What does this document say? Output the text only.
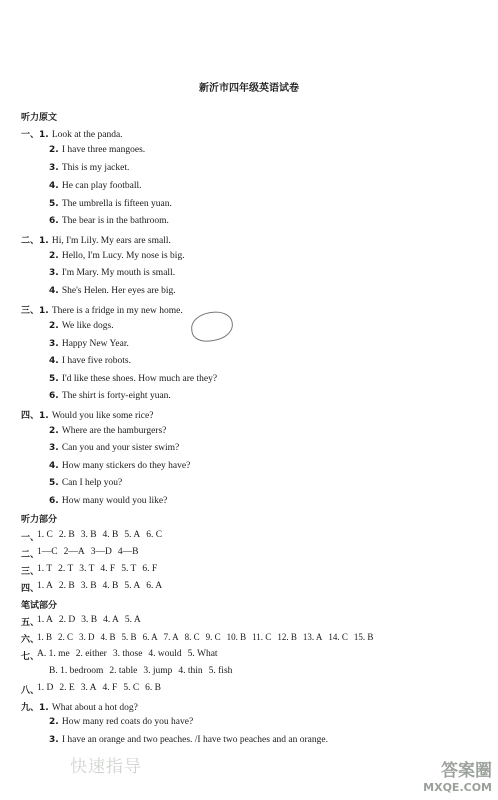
新沂市四年级英语试卷
听力原文
一、1. Look at the panda.
2. I have three mangoes.
3. This is my jacket.
4. He can play football.
5. The umbrella is fifteen yuan.
6. The bear is in the bathroom.
二、1. Hi, I'm Lily. My ears are small.
2. Hello, I'm Lucy. My nose is big.
3. I'm Mary. My mouth is small.
4. She's Helen. Her eyes are big.
三、1. There is a fridge in my new home.
2. We like dogs.
3. Happy New Year.
4. I have five robots.
5. I'd like these shoes. How much are they?
6. The shirt is forty-eight yuan.
四、1. Would you like some rice?
2. Where are the hamburgers?
3. Can you and your sister swim?
4. How many stickers do they have?
5. Can I help you?
6. How many would you like?
听力部分
一、
1. C 2. B 3. B 4. B 5. A 6. C
二、
1—C 2—A 3—D 4—B
三、
1. T 2. T 3. T 4. F 5. T 6. F
四、
1. A 2. B 3. B 4. B 5. A 6. A
笔试部分
五、
1. A 2. D 3. B 4. A 5. A
六、
1. B 2. C 3. D 4. B 5. B 6. A 7. A 8. C 9. C 10. B 11. C 12. B 13. A 14. C 15. B
七、
A. 1. me 2. either 3. those 4. would 5. What
B. 1. bedroom 2. table 3. jump 4. thin 5. fish
八、
1. D 2. E 3. A 4. F 5. C 6. B
九、1. What about a hot dog?
2. How many red coats do you have?
3. I have an orange and two peaches. /I have two peaches and an orange.
快速指导	答案圈
MXQE.COM
